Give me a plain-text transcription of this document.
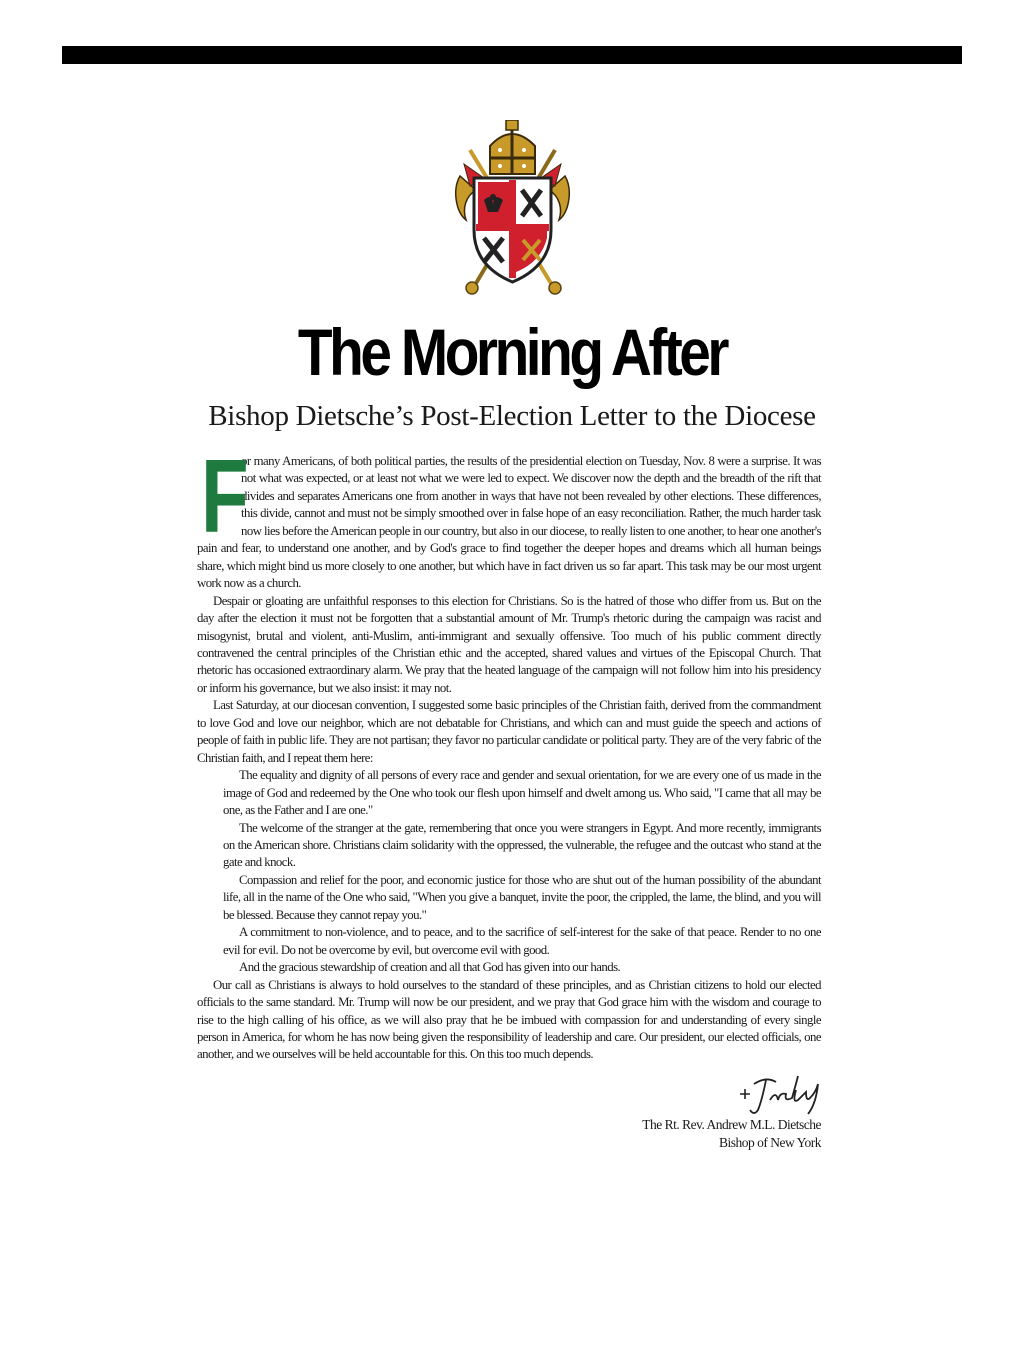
The Morning After
Bishop Dietsche’s Post-Election Letter to the Diocese

F
or many Americans, of both political parties, the results of the presidential election on Tuesday, Nov. 8 were a surprise. It was not what was expected, or at least not what we were led to expect. We discover now the depth and the breadth of the rift that divides and separates Americans one from another in ways that have not been revealed by other elections. These differences, this divide, cannot and must not be simply smoothed over in false hope of an easy reconciliation. Rather, the much harder task now lies before the American people in our country, but also in our diocese, to really listen to one another, to hear one another's pain and fear, to understand one another, and by God's grace to find together the deeper hopes and dreams which all human beings share, which might bind us more closely to one another, but which have in fact driven us so far apart. This task may be our most urgent work now as a church.

Despair or gloating are unfaithful responses to this election for Christians. So is the hatred of those who differ from us. But on the day after the election it must not be forgotten that a substantial amount of Mr. Trump's rhetoric during the campaign was racist and misogynist, brutal and violent, anti-Muslim, anti-immigrant and sexually offensive. Too much of his public comment directly contravened the central principles of the Christian ethic and the accepted, shared values and virtues of the Episcopal Church. That rhetoric has occasioned extraordinary alarm. We pray that the heated language of the campaign will not follow him into his presidency or inform his governance, but we also insist: it may not.

Last Saturday, at our diocesan convention, I suggested some basic principles of the Christian faith, derived from the commandment to love God and love our neighbor, which are not debatable for Christians, and which can and must guide the speech and actions of people of faith in public life. They are not partisan; they favor no particular candidate or political party. They are of the very fabric of the Christian faith, and I repeat them here:

The equality and dignity of all persons of every race and gender and sexual orientation, for we are every one of us made in the image of God and redeemed by the One who took our flesh upon himself and dwelt among us. Who said, "I came that all may be one, as the Father and I are one."

The welcome of the stranger at the gate, remembering that once you were strangers in Egypt. And more recently, immigrants on the American shore. Christians claim solidarity with the oppressed, the vulnerable, the refugee and the outcast who stand at the gate and knock.

Compassion and relief for the poor, and economic justice for those who are shut out of the human possibility of the abundant life, all in the name of the One who said, "When you give a banquet, invite the poor, the crippled, the lame, the blind, and you will be blessed. Because they cannot repay you."

A commitment to non-violence, and to peace, and to the sacrifice of self-interest for the sake of that peace. Render to no one evil for evil. Do not be overcome by evil, but overcome evil with good.

And the gracious stewardship of creation and all that God has given into our hands.

Our call as Christians is always to hold ourselves to the standard of these principles, and as Christian citizens to hold our elected officials to the same standard. Mr. Trump will now be our president, and we pray that God grace him with the wisdom and courage to rise to the high calling of his office, as we will also pray that he be imbued with compassion for and understanding of every single person in America, for whom he has now being given the responsibility of leadership and care. Our president, our elected officials, one another, and we ourselves will be held accountable for this. On this too much depends.

The Rt. Rev. Andrew M.L. Dietsche
Bishop of New York
